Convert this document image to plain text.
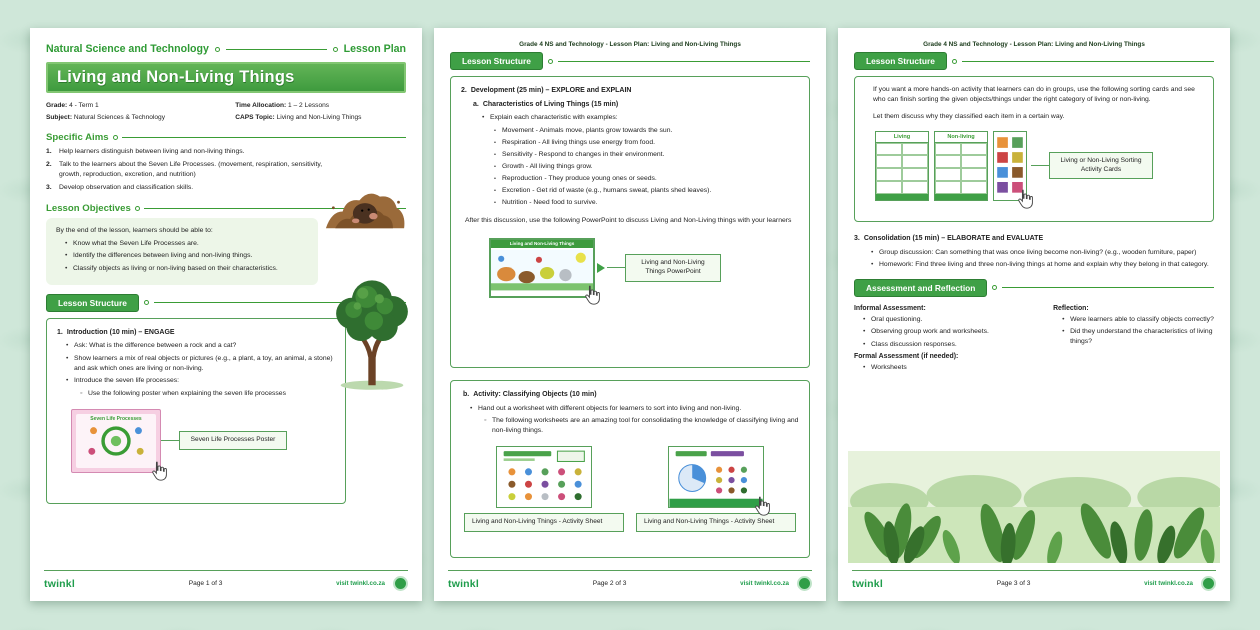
Natural Science and Technology	Lesson Plan
Living and Non-Living Things
Grade: 4 - Term 1	Time Allocation: 1 – 2 Lessons
Subject: Natural Sciences & Technology	CAPS Topic: Living and Non-Living Things
Specific Aims
Help learners distinguish between living and non-living things.
Talk to the learners about the Seven Life Processes. (movement, respiration, sensitivity, growth, reproduction, excretion, and nutrition)
Develop observation and classification skills.
Lesson Objectives
By the end of the lesson, learners should be able to:
• Know what the Seven Life Processes are.
• Identify the differences between living and non-living things.
• Classify objects as living or non-living based on their characteristics.
Lesson Structure
1. Introduction (10 min) – ENGAGE
• Ask: What is the difference between a rock and a cat?
• Show learners a mix of real objects or pictures (e.g., a plant, a toy, an animal, a stone) and ask which ones are living or non-living.
• Introduce the seven life processes:
◦ Use the following poster when explaining the seven life processes
Seven Life Processes
Seven Life Processes Poster
twinkl	Page 1 of 3	visit twinkl.co.za
Grade 4 NS and Technology - Lesson Plan: Living and Non-Living Things
Lesson Structure
2. Development (25 min) – EXPLORE and EXPLAIN
a. Characteristics of Living Things (15 min)
• Explain each characteristic with examples:
• Movement - Animals move, plants grow towards the sun.
• Respiration - All living things use energy from food.
• Sensitivity - Respond to changes in their environment.
• Growth - All living things grow.
• Reproduction - They produce young ones or seeds.
• Excretion - Get rid of waste (e.g., humans sweat, plants shed leaves).
• Nutrition - Need food to survive.
After this discussion, use the following PowerPoint to discuss Living and Non-Living things with your learners
Living and Non-Living Things
Living and Non-Living Things PowerPoint
b. Activity: Classifying Objects (10 min)
• Hand out a worksheet with different objects for learners to sort into living and non-living.
◦ The following worksheets are an amazing tool for consolidating the knowledge of classifying living and non-living things.
Living and Non-Living Things - Activity Sheet	Living and Non-Living Things - Activity Sheet
twinkl	Page 2 of 3	visit twinkl.co.za
Grade 4 NS and Technology - Lesson Plan: Living and Non-Living Things
Lesson Structure
If you want a more hands-on activity that learners can do in groups, use the following sorting cards and see who can finish sorting the given objects/things under the right category of living or non-living.
Let them discuss why they classified each item in a certain way.
Living	Non-living
Living or Non-Living Sorting Activity Cards
3. Consolidation (15 min) – ELABORATE and EVALUATE
• Group discussion: Can something that was once living become non-living? (e.g., wooden furniture, paper)
• Homework: Find three living and three non-living things at home and explain why they belong in that category.
Assessment and Reflection
Informal Assessment:
• Oral questioning.
• Observing group work and worksheets.
• Class discussion responses.
Formal Assessment (if needed):
• Worksheets
Reflection:
• Were learners able to classify objects correctly?
• Did they understand the characteristics of living things?
twinkl	Page 3 of 3	visit twinkl.co.za
